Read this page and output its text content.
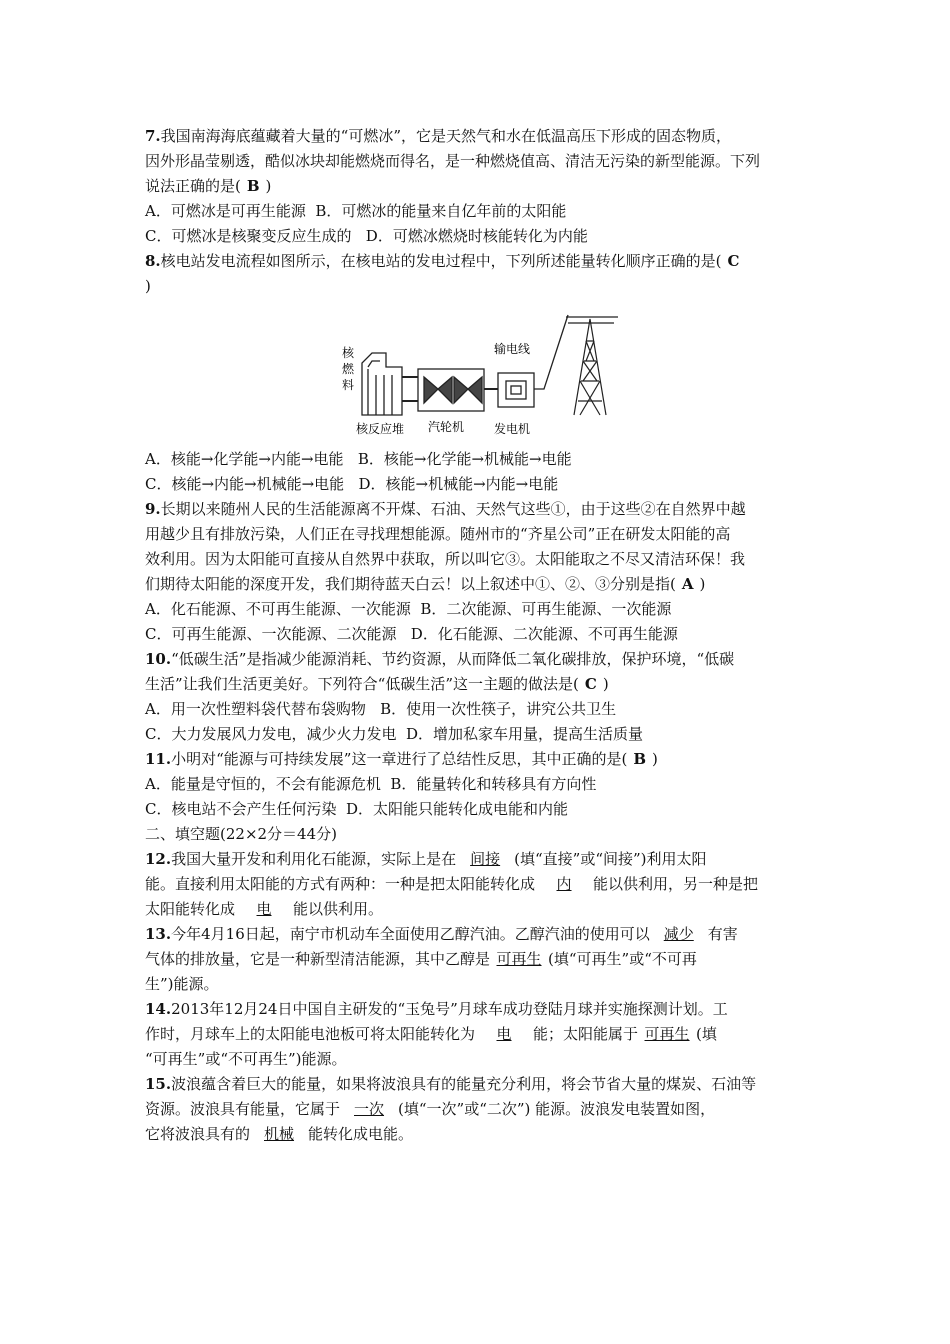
7.我国南海海底蕴藏着大量的“可燃冰”，它是天然气和水在低温高压下形成的固态物质，
因外形晶莹剔透，酷似冰块却能燃烧而得名，是一种燃烧值高、清洁无污染的新型能源。下列
说法正确的是( B )
A．可燃冰是可再生能源 B．可燃冰的能量来自亿年前的太阳能
C．可燃冰是核聚变反应生成的 D．可燃冰燃烧时核能转化为内能
8.核电站发电流程如图所示，在核电站的发电过程中，下列所述能量转化顺序正确的是( C
)
核
燃
料
输电线
核反应堆 汽轮机 发电机
A．核能→化学能→内能→电能 B．核能→化学能→机械能→电能
C．核能→内能→机械能→电能 D．核能→机械能→内能→电能
9.长期以来随州人民的生活能源离不开煤、石油、天然气这些①，由于这些②在自然界中越
用越少且有排放污染，人们正在寻找理想能源。随州市的“齐星公司”正在研发太阳能的高
效利用。因为太阳能可直接从自然界中获取，所以叫它③。太阳能取之不尽又清洁环保！我
们期待太阳能的深度开发，我们期待蓝天白云！以上叙述中①、②、③分别是指( A )
A．化石能源、不可再生能源、一次能源 B．二次能源、可再生能源、一次能源
C．可再生能源、一次能源、二次能源 D．化石能源、二次能源、不可再生能源
10.“低碳生活”是指减少能源消耗、节约资源，从而降低二氧化碳排放，保护环境，“低碳
生活”让我们生活更美好。下列符合“低碳生活”这一主题的做法是( C )
A．用一次性塑料袋代替布袋购物 B．使用一次性筷子，讲究公共卫生
C．大力发展风力发电，减少火力发电 D．增加私家车用量，提高生活质量
11.小明对“能源与可持续发展”这一章进行了总结性反思，其中正确的是( B )
A．能量是守恒的，不会有能源危机 B．能量转化和转移具有方向性
C．核电站不会产生任何污染 D．太阳能只能转化成电能和内能
二、填空题(22×2分＝44分)
12.我国大量开发和利用化石能源，实际上是在 间接 (填“直接”或“间接”)利用太阳
能。直接利用太阳能的方式有两种：一种是把太阳能转化成 内 能以供利用，另一种是把
太阳能转化成 电 能以供利用。
13.今年4月16日起，南宁市机动车全面使用乙醇汽油。乙醇汽油的使用可以 减少 有害
气体的排放量，它是一种新型清洁能源，其中乙醇是 可再生 (填“可再生”或“不可再
生”)能源。
14.2013年12月24日中国自主研发的“玉兔号”月球车成功登陆月球并实施探测计划。工
作时，月球车上的太阳能电池板可将太阳能转化为 电 能；太阳能属于 可再生 (填
“可再生”或“不可再生”)能源。
15.波浪蕴含着巨大的能量，如果将波浪具有的能量充分利用，将会节省大量的煤炭、石油等
资源。波浪具有能量，它属于 一次 (填“一次”或“二次”) 能源。波浪发电装置如图，
它将波浪具有的 机械 能转化成电能。
